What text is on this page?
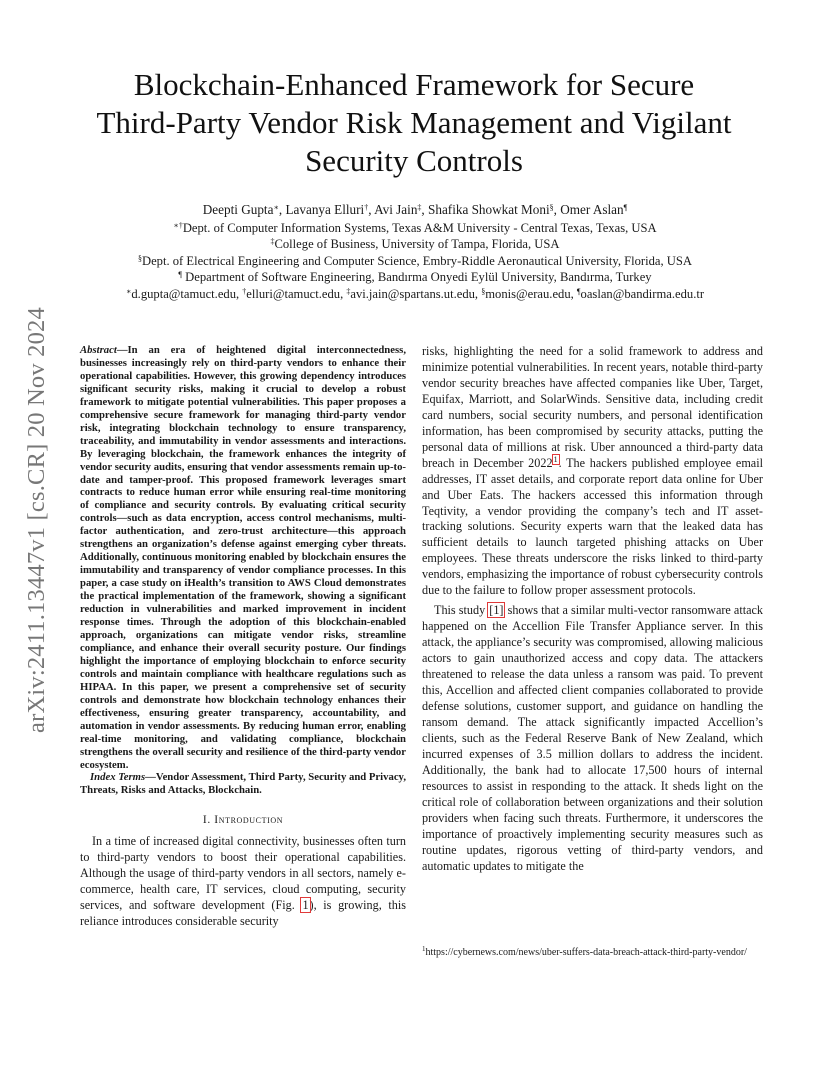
arXiv:2411.13447v1 [cs.CR] 20 Nov 2024
Blockchain-Enhanced Framework for Secure
Third-Party Vendor Risk Management and Vigilant
Security Controls
Deepti Gupta∗, Lavanya Elluri†, Avi Jain‡, Shafika Showkat Moni§, Omer Aslan¶
∗†Dept. of Computer Information Systems, Texas A&M University - Central Texas, Texas, USA
‡College of Business, University of Tampa, Florida, USA
§Dept. of Electrical Engineering and Computer Science, Embry-Riddle Aeronautical University, Florida, USA
¶ Department of Software Engineering, Bandırma Onyedi Eylül University, Bandırma, Turkey
∗d.gupta@tamuct.edu, †elluri@tamuct.edu, ‡avi.jain@spartans.ut.edu, §monis@erau.edu, ¶oaslan@bandirma.edu.tr

Abstract—In an era of heightened digital interconnectedness, businesses increasingly rely on third-party vendors to enhance their operational capabilities. However, this growing dependency introduces significant security risks, making it crucial to develop a robust framework to mitigate potential vulnerabilities. This paper proposes a comprehensive secure framework for managing third-party vendor risk, integrating blockchain technology to ensure transparency, traceability, and immutability in vendor assessments and interactions. By leveraging blockchain, the framework enhances the integrity of vendor security audits, ensuring that vendor assessments remain up-to-date and tamper-proof. This proposed framework leverages smart contracts to reduce human error while ensuring real-time monitoring of compliance and security controls. By evaluating critical security controls—such as data encryption, access control mechanisms, multi-factor authentication, and zero-trust architecture—this approach strengthens an organization’s defense against emerging cyber threats. Additionally, continuous monitoring enabled by blockchain ensures the immutability and transparency of vendor compliance processes. In this paper, a case study on iHealth’s transition to AWS Cloud demonstrates the practical implementation of the framework, showing a significant reduction in vulnerabilities and marked improvement in incident response times. Through the adoption of this blockchain-enabled approach, organizations can mitigate vendor risks, streamline compliance, and enhance their overall security posture. Our findings highlight the importance of employing blockchain to enforce security controls and maintain compliance with healthcare regulations such as HIPAA. In this paper, we present a comprehensive set of security controls and demonstrate how blockchain technology enhances their effectiveness, ensuring greater transparency, accountability, and automation in vendor assessments. By reducing human error, enabling real-time monitoring, and validating compliance, blockchain strengthens the overall security and resilience of the third-party vendor ecosystem.

Index Terms—Vendor Assessment, Third Party, Security and Privacy, Threats, Risks and Attacks, Blockchain.

I. Introduction

In a time of increased digital connectivity, businesses often turn to third-party vendors to boost their operational capabilities. Although the usage of third-party vendors in all sectors, namely e-commerce, health care, IT services, cloud computing, security services, and software development (Fig. 1), is growing, this reliance introduces considerable security

risks, highlighting the need for a solid framework to address and minimize potential vulnerabilities. In recent years, notable third-party vendor security breaches have affected companies like Uber, Target, Equifax, Marriott, and SolarWinds. Sensitive data, including credit card numbers, social security numbers, and personal identification information, has been compromised by security attacks, putting the personal data of millions at risk. Uber announced a third-party data breach in December 2022$^1$. The hackers published employee email addresses, IT asset details, and corporate report data online for Uber and Uber Eats. The hackers accessed this information through Teqtivity, a vendor providing the company’s tech and IT asset-tracking solutions. Security experts warn that the leaked data has sufficient details to launch targeted phishing attacks on Uber employees. These threats underscore the risks linked to third-party vendors, emphasizing the importance of robust cybersecurity controls due to the failure to follow proper assessment protocols.

This study [1] shows that a similar multi-vector ransomware attack happened on the Accellion File Transfer Appliance server. In this attack, the appliance’s security was compromised, allowing malicious actors to gain unauthorized access and copy data. The attackers threatened to release the data unless a ransom was paid. To prevent this, Accellion and affected client companies collaborated to provide defense solutions, customer support, and guidance on handling the ransom demand. The attack significantly impacted Accellion’s clients, such as the Federal Reserve Bank of New Zealand, which incurred expenses of 3.5 million dollars to address the incident. Additionally, the bank had to allocate 17,500 hours of internal resources to assist in responding to the attack. It sheds light on the critical role of collaboration between organizations and their solution providers when facing such threats. Furthermore, it underscores the importance of proactively implementing security measures such as routine updates, rigorous vetting of third-party vendors, and automatic updates to mitigate the

$^1$https://cybernews.com/news/uber-suffers-data-breach-attack-third-party-vendor/
